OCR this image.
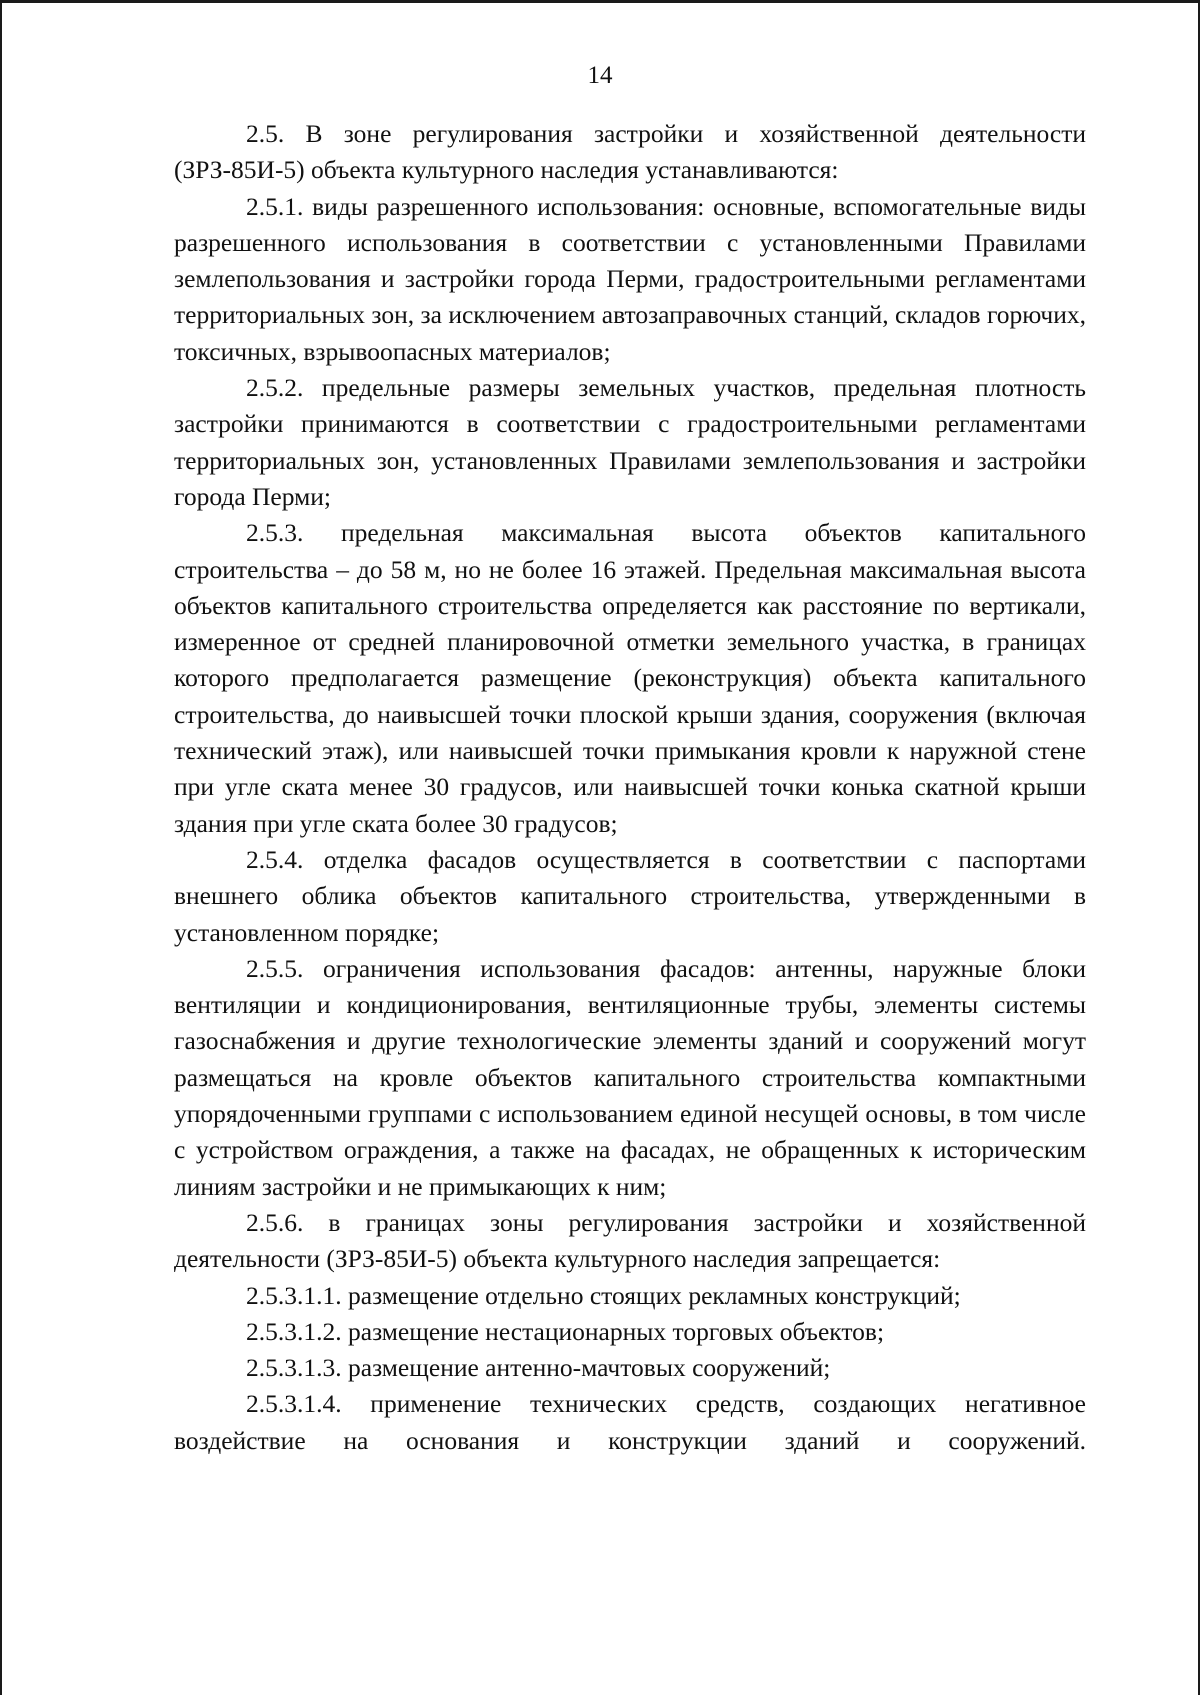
14

2.5. В зоне регулирования застройки и хозяйственной деятельности (ЗРЗ-85И-5) объекта культурного наследия устанавливаются:

2.5.1. виды разрешенного использования: основные, вспомогательные виды разрешенного использования в соответствии с установленными Правилами землепользования и застройки города Перми, градостроительными регламентами территориальных зон, за исключением автозаправочных станций, складов горючих, токсичных, взрывоопасных материалов;

2.5.2. предельные размеры земельных участков, предельная плотность застройки принимаются в соответствии с градостроительными регламентами территориальных зон, установленных Правилами землепользования и застройки города Перми;

2.5.3. предельная максимальная высота объектов капитального строительства – до 58 м, но не более 16 этажей. Предельная максимальная высота объектов капитального строительства определяется как расстояние по вертикали, измеренное от средней планировочной отметки земельного участка, в границах которого предполагается размещение (реконструкция) объекта капитального строительства, до наивысшей точки плоской крыши здания, сооружения (включая технический этаж), или наивысшей точки примыкания кровли к наружной стене при угле ската менее 30 градусов, или наивысшей точки конька скатной крыши здания при угле ската более 30 градусов;

2.5.4. отделка фасадов осуществляется в соответствии с паспортами внешнего облика объектов капитального строительства, утвержденными в установленном порядке;

2.5.5. ограничения использования фасадов: антенны, наружные блоки вентиляции и кондиционирования, вентиляционные трубы, элементы системы газоснабжения и другие технологические элементы зданий и сооружений могут размещаться на кровле объектов капитального строительства компактными упорядоченными группами с использованием единой несущей основы, в том числе с устройством ограждения, а также на фасадах, не обращенных к историческим линиям застройки и не примыкающих к ним;

2.5.6. в границах зоны регулирования застройки и хозяйственной деятельности (ЗРЗ-85И-5) объекта культурного наследия запрещается:

2.5.3.1.1. размещение отдельно стоящих рекламных конструкций;

2.5.3.1.2. размещение нестационарных торговых объектов;

2.5.3.1.3. размещение антенно-мачтовых сооружений;

2.5.3.1.4. применение технических средств, создающих негативное воздействие на основания и конструкции зданий и сооружений.
